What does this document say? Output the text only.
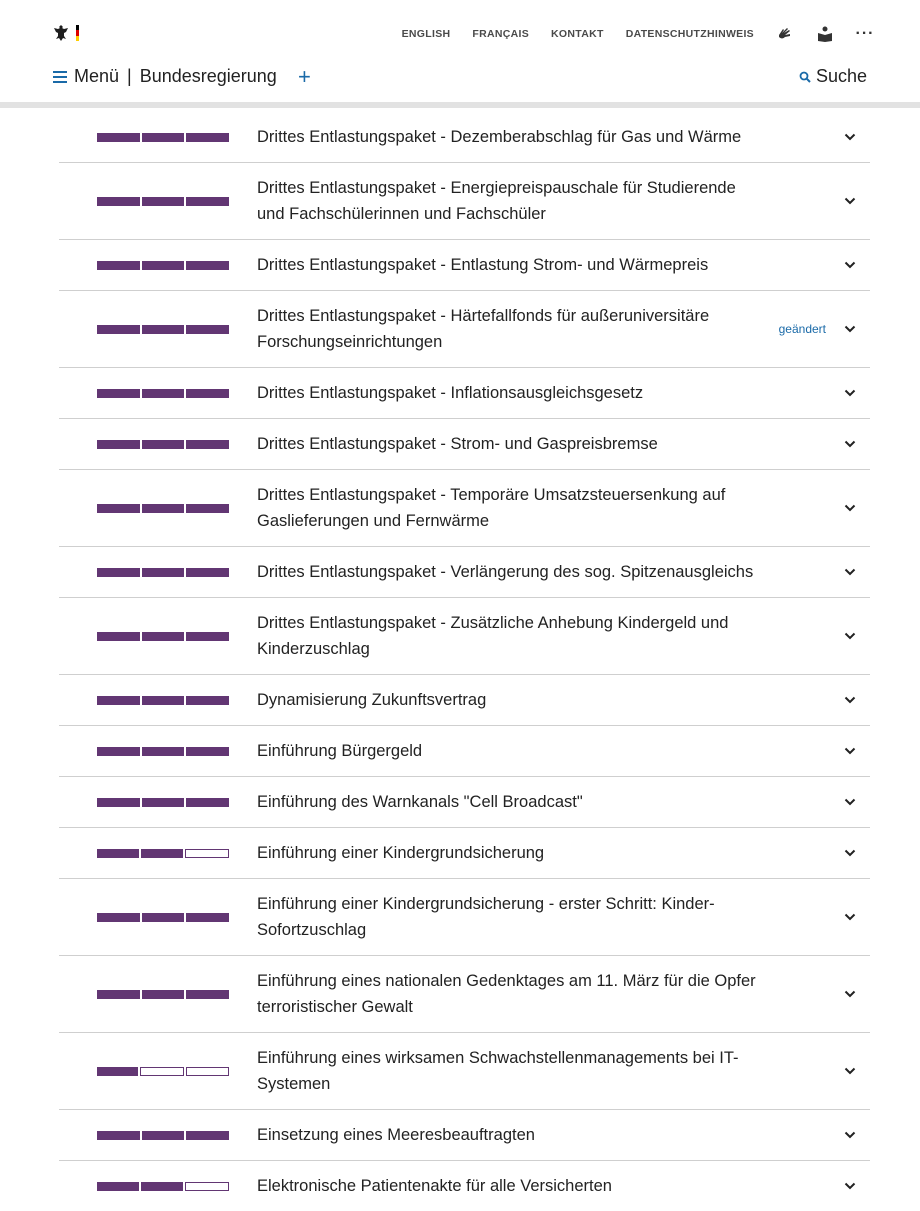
ENGLISH FRANÇAIS KONTAKT DATENSCHUTZHINWEIS	···
Menü | Bundesregierung +	Suche
Drittes Entlastungspaket - Dezemberabschlag für Gas und Wärme
Drittes Entlastungspaket - Energiepreispauschale für Studierende und Fachschülerinnen und Fachschüler
Drittes Entlastungspaket - Entlastung Strom- und Wärmepreis
Drittes Entlastungspaket - Härtefallfonds für außeruniversitäre Forschungseinrichtungen
geändert
Drittes Entlastungspaket - Inflationsausgleichsgesetz
Drittes Entlastungspaket - Strom- und Gaspreisbremse
Drittes Entlastungspaket - Temporäre Umsatzsteuersenkung auf Gaslieferungen und Fernwärme
Drittes Entlastungspaket - Verlängerung des sog. Spitzenausgleichs
Drittes Entlastungspaket - Zusätzliche Anhebung Kindergeld und Kinderzuschlag
Dynamisierung Zukunftsvertrag
Einführung Bürgergeld
Einführung des Warnkanals "Cell Broadcast"
Einführung einer Kindergrundsicherung
Einführung einer Kindergrundsicherung - erster Schritt: Kinder-Sofortzuschlag
Einführung eines nationalen Gedenktages am 11. März für die Opfer terroristischer Gewalt
Einführung eines wirksamen Schwachstellenmanagements bei IT-Systemen
Einsetzung eines Meeresbeauftragten
Elektronische Patientenakte für alle Versicherten
